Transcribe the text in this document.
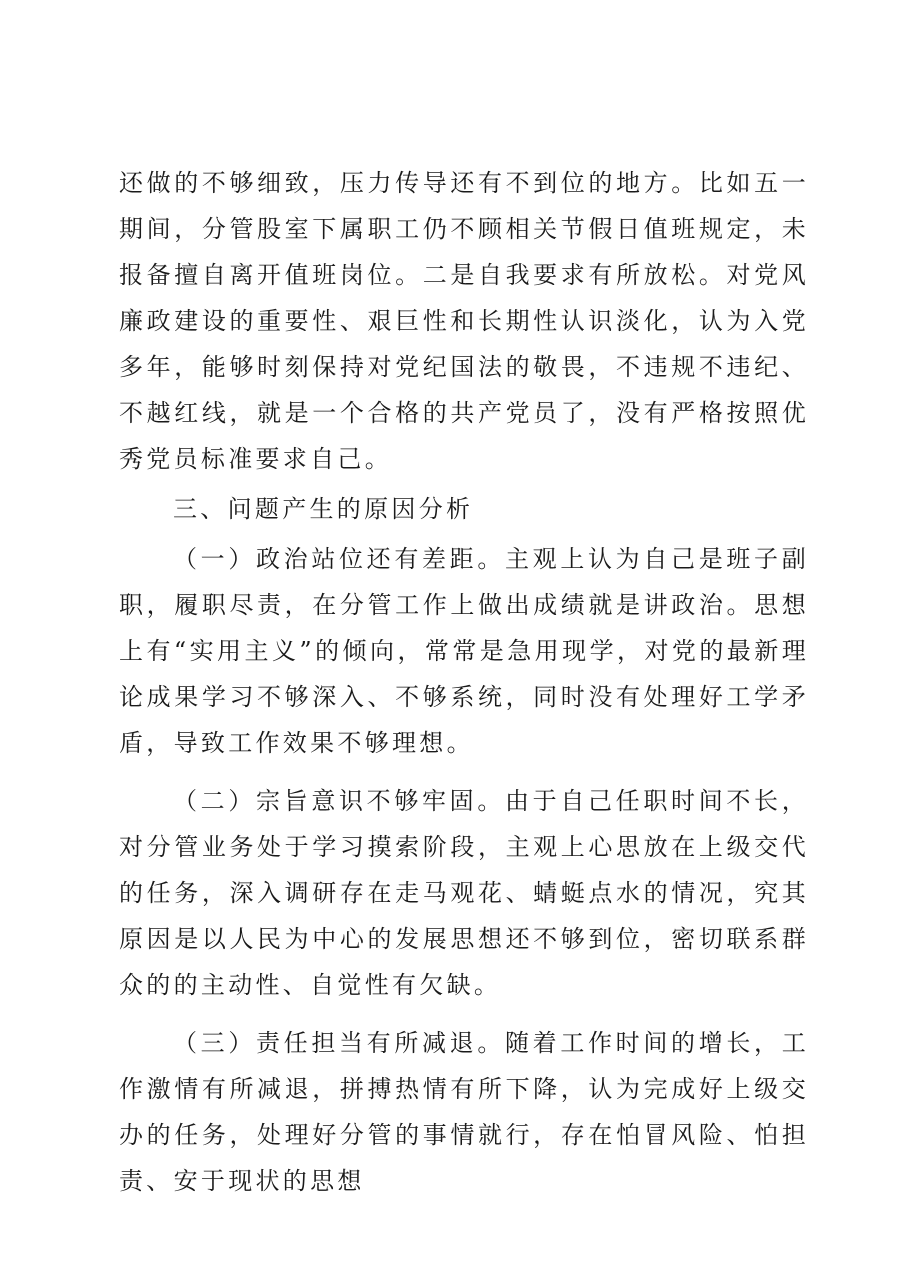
还做的不够细致，压力传导还有不到位的地方。比如五一期间，分管股室下属职工仍不顾相关节假日值班规定，未报备擅自离开值班岗位。二是自我要求有所放松。对党风廉政建设的重要性、艰巨性和长期性认识淡化，认为入党多年，能够时刻保持对党纪国法的敬畏，不违规不违纪、不越红线，就是一个合格的共产党员了，没有严格按照优秀党员标准要求自己。

三、问题产生的原因分析

（一）政治站位还有差距。主观上认为自己是班子副职，履职尽责，在分管工作上做出成绩就是讲政治。思想上有“实用主义”的倾向，常常是急用现学，对党的最新理论成果学习不够深入、不够系统，同时没有处理好工学矛盾，导致工作效果不够理想。

（二）宗旨意识不够牢固。由于自己任职时间不长，对分管业务处于学习摸索阶段，主观上心思放在上级交代的任务，深入调研存在走马观花、蜻蜓点水的情况，究其原因是以人民为中心的发展思想还不够到位，密切联系群众的的主动性、自觉性有欠缺。

（三）责任担当有所减退。随着工作时间的增长，工作激情有所减退，拼搏热情有所下降，认为完成好上级交办的任务，处理好分管的事情就行，存在怕冒风险、怕担责、安于现状的思想
